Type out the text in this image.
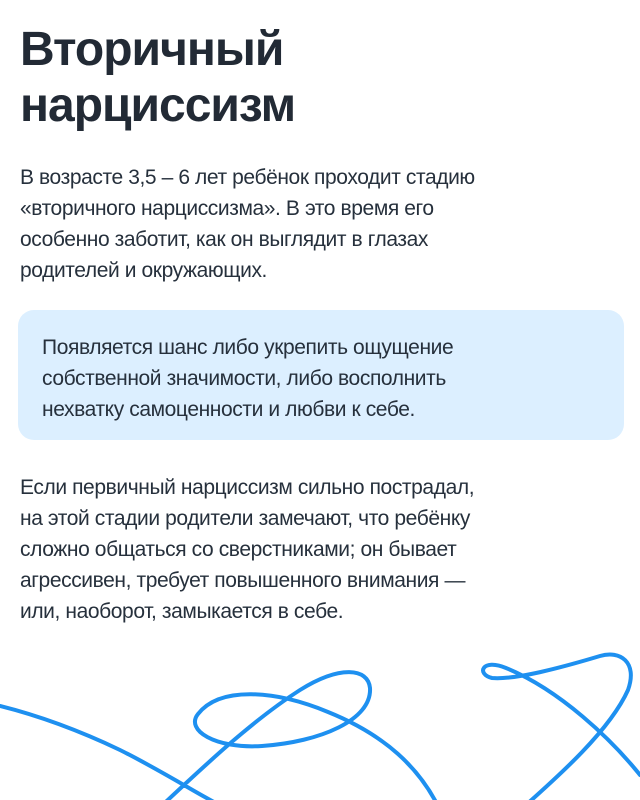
Вторичный
нарциссизм
В возрасте 3,5 – 6 лет ребёнок проходит стадию
«вторичного нарциссизма». В это время его
особенно заботит, как он выглядит в глазах
родителей и окружающих.
Появляется шанс либо укрепить ощущение
собственной значимости, либо восполнить
нехватку самоценности и любви к себе.
Если первичный нарциссизм сильно пострадал,
на этой стадии родители замечают, что ребёнку
сложно общаться со сверстниками; он бывает
агрессивен, требует повышенного внимания —
или, наоборот, замыкается в себе.
